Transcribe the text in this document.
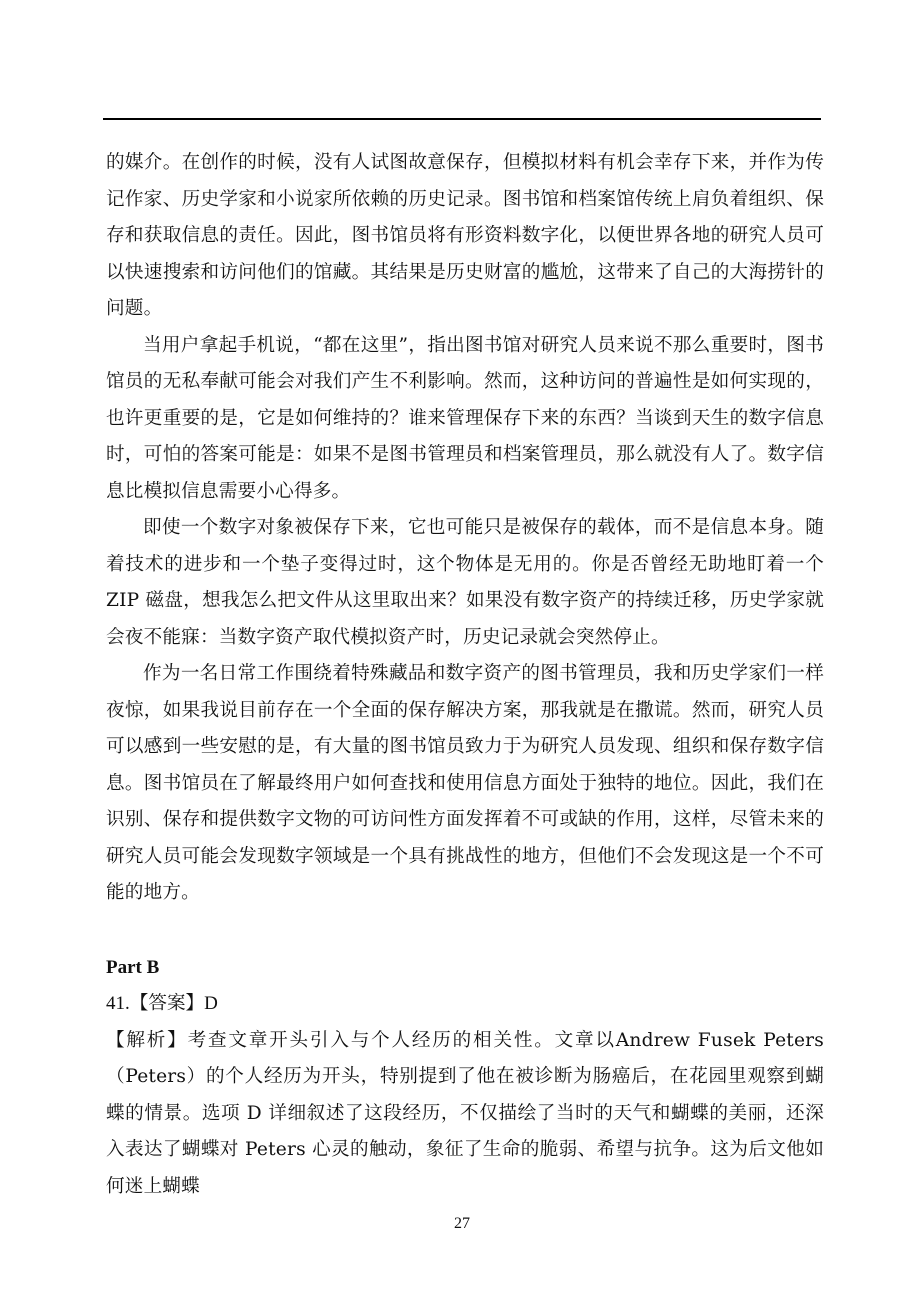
的媒介。在创作的时候，没有人试图故意保存，但模拟材料有机会幸存下来，并作为传记作家、历史学家和小说家所依赖的历史记录。图书馆和档案馆传统上肩负着组织、保存和获取信息的责任。因此，图书馆员将有形资料数字化，以便世界各地的研究人员可以快速搜索和访问他们的馆藏。其结果是历史财富的尴尬，这带来了自己的大海捞针的问题。

当用户拿起手机说，“都在这里”，指出图书馆对研究人员来说不那么重要时，图书馆员的无私奉献可能会对我们产生不利影响。然而，这种访问的普遍性是如何实现的，也许更重要的是，它是如何维持的？谁来管理保存下来的东西？当谈到天生的数字信息时，可怕的答案可能是：如果不是图书管理员和档案管理员，那么就没有人了。数字信息比模拟信息需要小心得多。

即使一个数字对象被保存下来，它也可能只是被保存的载体，而不是信息本身。随着技术的进步和一个垫子变得过时，这个物体是无用的。你是否曾经无助地盯着一个 ZIP 磁盘，想我怎么把文件从这里取出来？如果没有数字资产的持续迁移，历史学家就会夜不能寐：当数字资产取代模拟资产时，历史记录就会突然停止。

作为一名日常工作围绕着特殊藏品和数字资产的图书管理员，我和历史学家们一样夜惊，如果我说目前存在一个全面的保存解决方案，那我就是在撒谎。然而，研究人员可以感到一些安慰的是，有大量的图书馆员致力于为研究人员发现、组织和保存数字信息。图书馆员在了解最终用户如何查找和使用信息方面处于独特的地位。因此，我们在识别、保存和提供数字文物的可访问性方面发挥着不可或缺的作用，这样，尽管未来的研究人员可能会发现数字领域是一个具有挑战性的地方，但他们不会发现这是一个不可能的地方。

Part B

41.【答案】D

【解析】考查文章开头引入与个人经历的相关性。文章以Andrew Fusek Peters（Peters）的个人经历为开头，特别提到了他在被诊断为肠癌后，在花园里观察到蝴蝶的情景。选项 D 详细叙述了这段经历，不仅描绘了当时的天气和蝴蝶的美丽，还深入表达了蝴蝶对 Peters 心灵的触动，象征了生命的脆弱、希望与抗争。这为后文他如何迷上蝴蝶

27
